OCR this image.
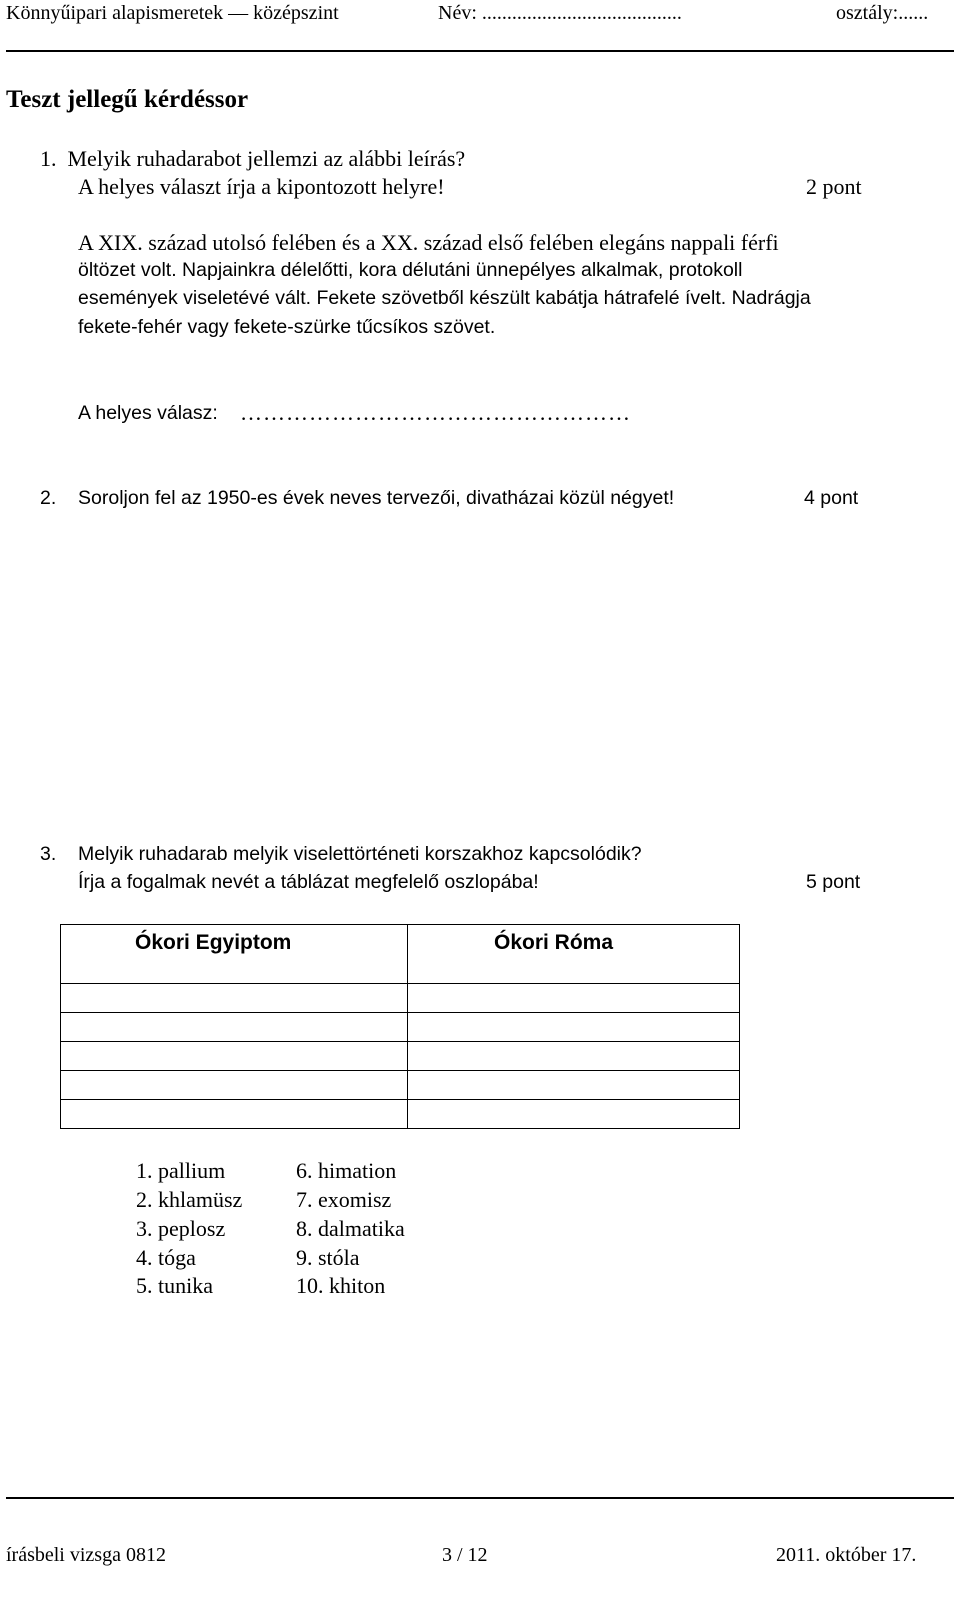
Könnyűipari alapismeretek — középszint	Név: ........................................	osztály:......
Teszt jellegű kérdéssor
1.  Melyik ruhadarabot jellemzi az alábbi leírás?
A helyes választ írja a kipontozott helyre!	2 pont
A XIX. század utolsó felében és a XX. század első felében elegáns nappali férfi
öltözet volt. Napjainkra délelőtti, kora délutáni ünnepélyes alkalmak, protokoll
események viseletévé vált. Fekete szövetből készült kabátja hátrafelé ívelt. Nadrágja
fekete-fehér vagy fekete-szürke tűcsíkos szövet.
A helyes válasz: ……………………………………………
2. Soroljon fel az 1950-es évek neves tervezői, divatházai közül négyet!	4 pont
3. Melyik ruhadarab melyik viselettörténeti korszakhoz kapcsolódik?
Írja a fogalmak nevét a táblázat megfelelő oszlopába!	5 pont
Ókori Egyiptom	Ókori Róma

1. pallium
2. khlamüsz
3. peplosz
4. tóga
5. tunika
6. himation
7. exomisz
8. dalmatika
9. stóla
10. khiton
írásbeli vizsga 0812	3 / 12	2011. október 17.
